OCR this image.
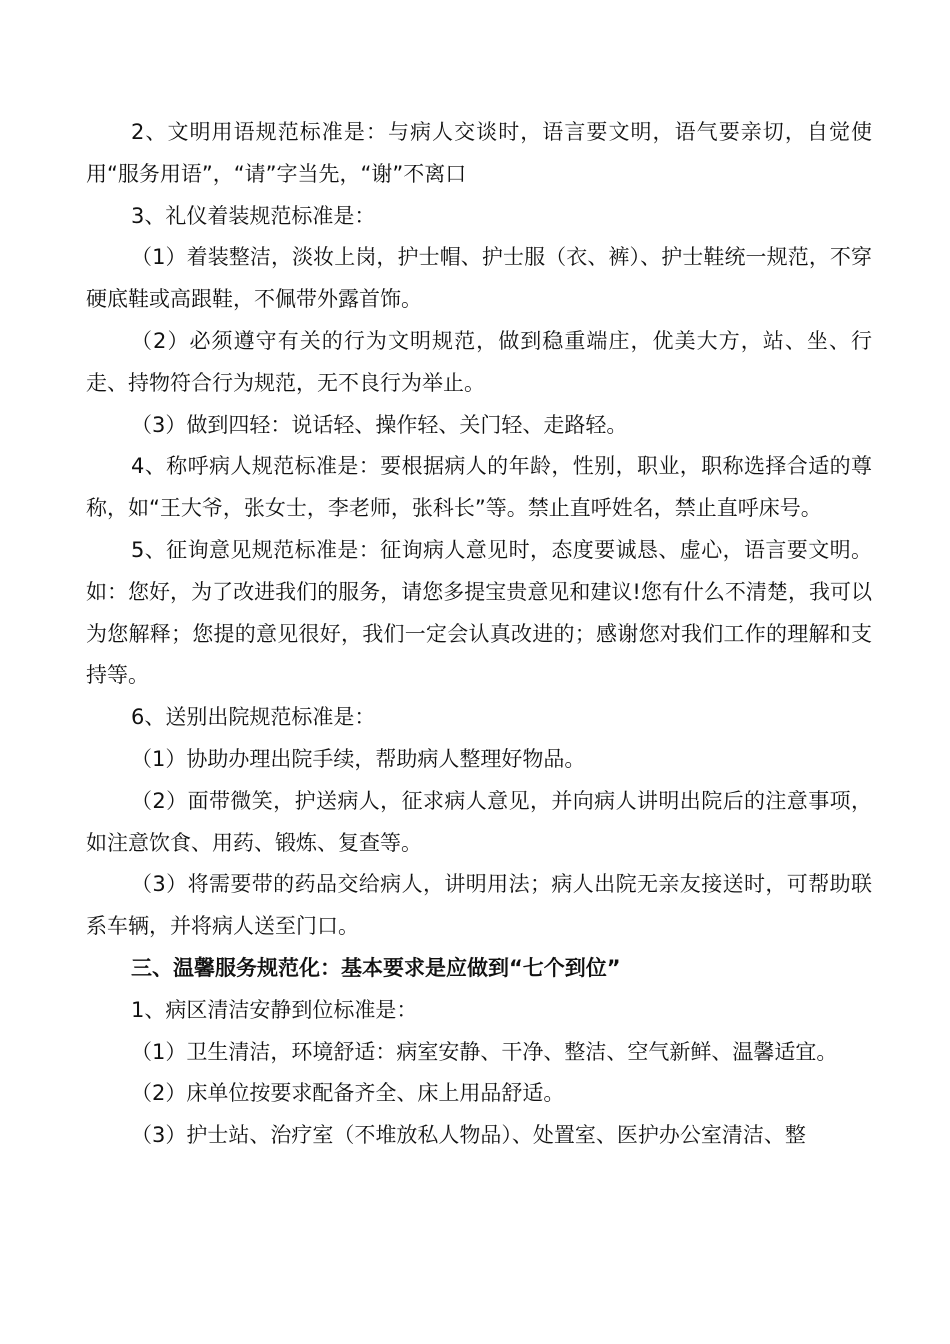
2、文明用语规范标准是：与病人交谈时，语言要文明，语气要亲切，自觉使用“服务用语”，“请”字当先，“谢”不离口

3、礼仪着装规范标准是：

（1）着装整洁，淡妆上岗，护士帽、护士服（衣、裤）、护士鞋统一规范，不穿硬底鞋或高跟鞋，不佩带外露首饰。

（2）必须遵守有关的行为文明规范，做到稳重端庄，优美大方，站、坐、行走、持物符合行为规范，无不良行为举止。

（3）做到四轻：说话轻、操作轻、关门轻、走路轻。

4、称呼病人规范标准是：要根据病人的年龄，性别，职业，职称选择合适的尊称，如“王大爷，张女士，李老师，张科长”等。禁止直呼姓名，禁止直呼床号。

5、征询意见规范标准是：征询病人意见时，态度要诚恳、虚心，语言要文明。如：您好，为了改进我们的服务，请您多提宝贵意见和建议!您有什么不清楚，我可以为您解释；您提的意见很好，我们一定会认真改进的；感谢您对我们工作的理解和支持等。

6、送别出院规范标准是：

（1）协助办理出院手续，帮助病人整理好物品。

（2）面带微笑，护送病人，征求病人意见，并向病人讲明出院后的注意事项，如注意饮食、用药、锻炼、复查等。

（3）将需要带的药品交给病人，讲明用法；病人出院无亲友接送时，可帮助联系车辆，并将病人送至门口。

三、温馨服务规范化：基本要求是应做到“七个到位”

1、病区清洁安静到位标准是：

（1）卫生清洁，环境舒适：病室安静、干净、整洁、空气新鲜、温馨适宜。

（2）床单位按要求配备齐全、床上用品舒适。

（3）护士站、治疗室（不堆放私人物品）、处置室、医护办公室清洁、整
